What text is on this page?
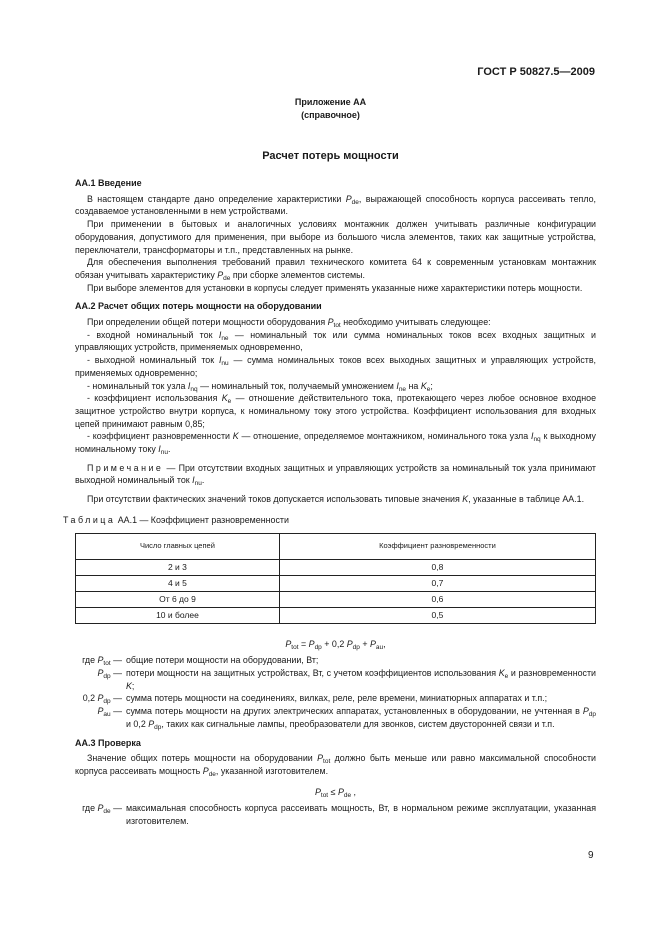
ГОСТ Р 50827.5—2009
Приложение АА
(справочное)
Расчет потерь мощности
АА.1 Введение

В настоящем стандарте дано определение характеристики $P_{de}$, выражающей способность корпуса рассеивать тепло, создаваемое установленными в нем устройствами.

При применении в бытовых и аналогичных условиях монтажник должен учитывать различные конфигурации оборудования, допустимого для применения, при выборе из большого числа элементов, таких как защитные устройства, переключатели, трансформаторы и т.п., представленных на рынке.

Для обеспечения выполнения требований правил технического комитета 64 к современным установкам монтажник обязан учитывать характеристику $P_{de}$ при сборке элементов системы.

При выборе элементов для установки в корпусы следует применять указанные ниже характеристики потерь мощности.

АА.2 Расчет общих потерь мощности на оборудовании

При определении общей потери мощности оборудования $P_{tot}$ необходимо учитывать следующее:

- входной номинальный ток $I_{ne}$ — номинальный ток или сумма номинальных токов всех входных защитных и управляющих устройств, применяемых одновременно,

- выходной номинальный ток $I_{nu}$ — сумма номинальных токов всех выходных защитных и управляющих устройств, применяемых одновременно;

- номинальный ток узла $I_{nq}$ — номинальный ток, получаемый умножением $I_{ne}$ на $K_e$;

- коэффициент использования $K_e$ — отношение действительного тока, протекающего через любое основное входное защитное устройство внутри корпуса, к номинальному току этого устройства. Коэффициент использования для входных цепей принимают равным 0,85;

- коэффициент разновременности K — отношение, определяемое монтажником, номинального тока узла $I_{nq}$ к выходному номинальному току $I_{nu}$.

Примечание — При отсутствии входных защитных и управляющих устройств за номинальный ток узла принимают выходной номинальный ток $I_{nu}$.

При отсутствии фактических значений токов допускается использовать типовые значения K, указанные в таблице АА.1.

Таблица АА.1 — Коэффициент разновременности
Число главных цепей	Коэффициент разновременности
2 и 3	0,8
4 и 5	0,7
От 6 до 9	0,6
10 и более	0,5
$P_{tot} = P_{dp} + 0,2$ $P_{dp} + P_{au}$,
где $P_{tot}$ — общие потери мощности на оборудовании, Вт;
$P_{dp}$ — потери мощности на защитных устройствах, Вт, с учетом коэффициентов использования $K_e$ и разновременности K;
0,2 $P_{dp}$ — сумма потерь мощности на соединениях, вилках, реле, реле времени, миниатюрных аппаратах и т.п.;
$P_{au}$ — сумма потерь мощности на других электрических аппаратах, установленных в оборудовании, не учтенная в $P_{dp}$ и 0,2 $P_{dp}$, таких как сигнальные лампы, преобразователи для звонков, систем двусторонней связи и т.п.
АА.3 Проверка

Значение общих потерь мощности на оборудовании $P_{tot}$ должно быть меньше или равно максимальной способности корпуса рассеивать мощность $P_{de}$, указанной изготовителем.

$P_{tot} \le P_{de}$ ,
где $P_{de}$ — максимальная способность корпуса рассеивать мощность, Вт, в нормальном режиме эксплуатации, указанная изготовителем.
9
